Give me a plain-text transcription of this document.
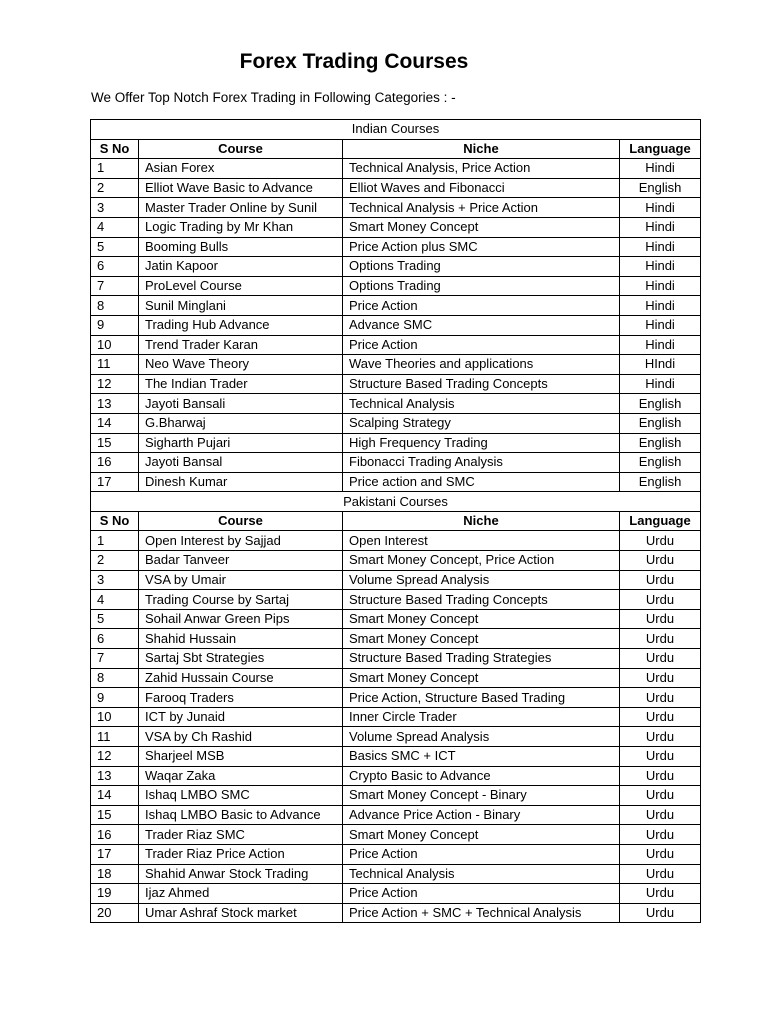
Forex Trading Courses

We Offer Top Notch Forex Trading in Following Categories : -

Indian Courses			
S No	Course	Niche	Language
1	Asian Forex	Technical Analysis, Price Action	Hindi
2	Elliot Wave Basic to Advance	Elliot Waves and Fibonacci	English
3	Master Trader Online by Sunil	Technical Analysis + Price Action	Hindi
4	Logic Trading by Mr Khan	Smart Money Concept	Hindi
5	Booming Bulls	Price Action plus SMC	Hindi
6	Jatin Kapoor	Options Trading	Hindi
7	ProLevel Course	Options Trading	Hindi
8	Sunil Minglani	Price Action	Hindi
9	Trading Hub Advance	Advance SMC	Hindi
10	Trend Trader Karan	Price Action	Hindi
11	Neo Wave Theory	Wave Theories and applications	HIndi
12	The Indian Trader	Structure Based Trading Concepts	Hindi
13	Jayoti Bansali	Technical Analysis	English
14	G.Bharwaj	Scalping Strategy	English
15	Sigharth Pujari	High Frequency Trading	English
16	Jayoti Bansal	Fibonacci Trading Analysis	English
17	Dinesh Kumar	Price action and SMC	English
Pakistani Courses			
S No	Course	Niche	Language
1	Open Interest by Sajjad	Open Interest	Urdu
2	Badar Tanveer	Smart Money Concept, Price Action	Urdu
3	VSA by Umair	Volume Spread Analysis	Urdu
4	Trading Course by Sartaj	Structure Based Trading Concepts	Urdu
5	Sohail Anwar Green Pips	Smart Money Concept	Urdu
6	Shahid Hussain	Smart Money Concept	Urdu
7	Sartaj Sbt Strategies	Structure Based Trading Strategies	Urdu
8	Zahid Hussain Course	Smart Money Concept	Urdu
9	Farooq Traders	Price Action, Structure Based Trading	Urdu
10	ICT by Junaid	Inner Circle Trader	Urdu
11	VSA by Ch Rashid	Volume Spread Analysis	Urdu
12	Sharjeel MSB	Basics SMC + ICT	Urdu
13	Waqar Zaka	Crypto Basic to Advance	Urdu
14	Ishaq LMBO SMC	Smart Money Concept - Binary	Urdu
15	Ishaq LMBO Basic to Advance	Advance Price Action - Binary	Urdu
16	Trader Riaz SMC	Smart Money Concept	Urdu
17	Trader Riaz Price Action	Price Action	Urdu
18	Shahid Anwar Stock Trading	Technical Analysis	Urdu
19	Ijaz Ahmed	Price Action	Urdu
20	Umar Ashraf Stock market	Price Action + SMC + Technical Analysis	Urdu
